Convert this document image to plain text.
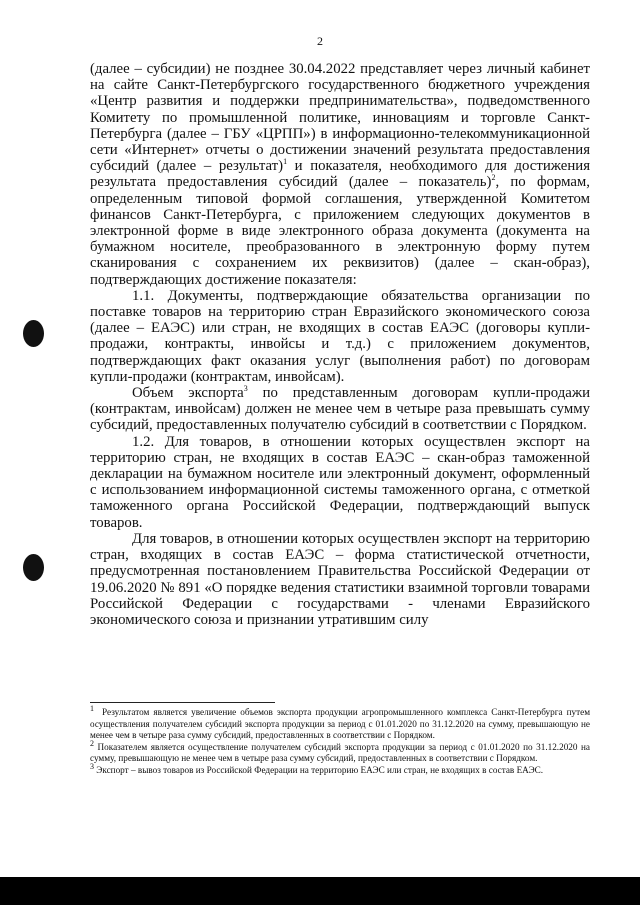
2

(далее – субсидии) не позднее 30.04.2022 представляет через личный кабинет на сайте Санкт-Петербургского государственного бюджетного учреждения «Центр развития и поддержки предпринимательства», подведомственного Комитету по промышленной политике, инновациям и торговле Санкт-Петербурга (далее – ГБУ «ЦРПП») в информационно-телекоммуникационной сети «Интернет» отчеты о достижении значений результата предоставления субсидий (далее – результат)$^1$ и показателя, необходимого для достижения результата предоставления субсидий (далее – показатель)$^2$, по формам, определенным типовой формой соглашения, утвержденной Комитетом финансов Санкт-Петербурга, с приложением следующих документов в электронной форме в виде электронного образа документа (документа на бумажном носителе, преобразованного в электронную форму путем сканирования с сохранением их реквизитов) (далее – скан-образ), подтверждающих достижение показателя:

1.1. Документы, подтверждающие обязательства организации по поставке товаров на территорию стран Евразийского экономического союза (далее – ЕАЭС) или стран, не входящих в состав ЕАЭС (договоры купли-продажи, контракты, инвойсы и т.д.) с приложением документов, подтверждающих факт оказания услуг (выполнения работ) по договорам купли-продажи (контрактам, инвойсам).

Объем экспорта$^3$ по представленным договорам купли-продажи (контрактам, инвойсам) должен не менее чем в четыре раза превышать сумму субсидий, предоставленных получателю субсидий в соответствии с Порядком.

1.2. Для товаров, в отношении которых осуществлен экспорт на территорию стран, не входящих в состав ЕАЭС – скан-образ таможенной декларации на бумажном носителе или электронный документ, оформленный с использованием информационной системы таможенного органа, с отметкой таможенного органа Российской Федерации, подтверждающий выпуск товаров.

Для товаров, в отношении которых осуществлен экспорт на территорию стран, входящих в состав ЕАЭС – форма статистической отчетности, предусмотренная постановлением Правительства Российской Федерации от 19.06.2020 № 891 «О порядке ведения статистики взаимной торговли товарами Российской Федерации с государствами - членами Евразийского экономического союза и признании утратившим силу

$^1$ Результатом является увеличение объемов экспорта продукции агропромышленного комплекса Санкт-Петербурга путем осуществления получателем субсидий экспорта продукции за период с 01.01.2020 по 31.12.2020 на сумму, превышающую не менее чем в четыре раза сумму субсидий, предоставленных в соответствии с Порядком.

$^2$ Показателем является осуществление получателем субсидий экспорта продукции за период с 01.01.2020 по 31.12.2020 на сумму, превышающую не менее чем в четыре раза сумму субсидий, предоставленных в соответствии с Порядком.

$^3$ Экспорт – вывоз товаров из Российской Федерации на территорию ЕАЭС или стран, не входящих в состав ЕАЭС.
